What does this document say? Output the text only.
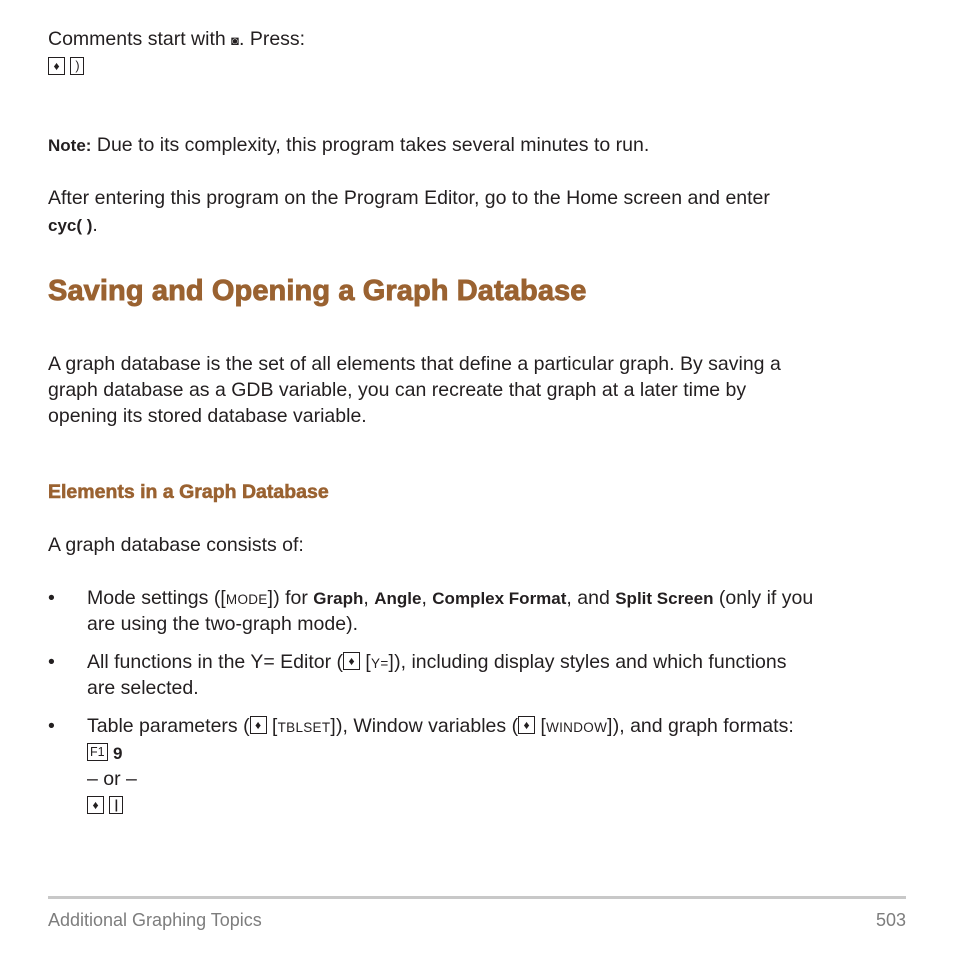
Comments start with ◙. Press:
♦ )
Note: Due to its complexity, this program takes several minutes to run.
After entering this program on the Program Editor, go to the Home screen and enter
cyc( ).
Saving and Opening a Graph Database
A graph database is the set of all elements that define a particular graph. By saving a
graph database as a GDB variable, you can recreate that graph at a later time by
opening its stored database variable.
Elements in a Graph Database
A graph database consists of:
• Mode settings ([MODE]) for Graph, Angle, Complex Format, and Split Screen (only if you
are using the two-graph mode).
• All functions in the Y= Editor ( ♦ [Y=]), including display styles and which functions
are selected.
• Table parameters ( ♦ [TBLSET]), Window variables ( ♦ [WINDOW]), and graph formats:
F1 9
– or –
♦ |
Additional Graphing Topics	503
